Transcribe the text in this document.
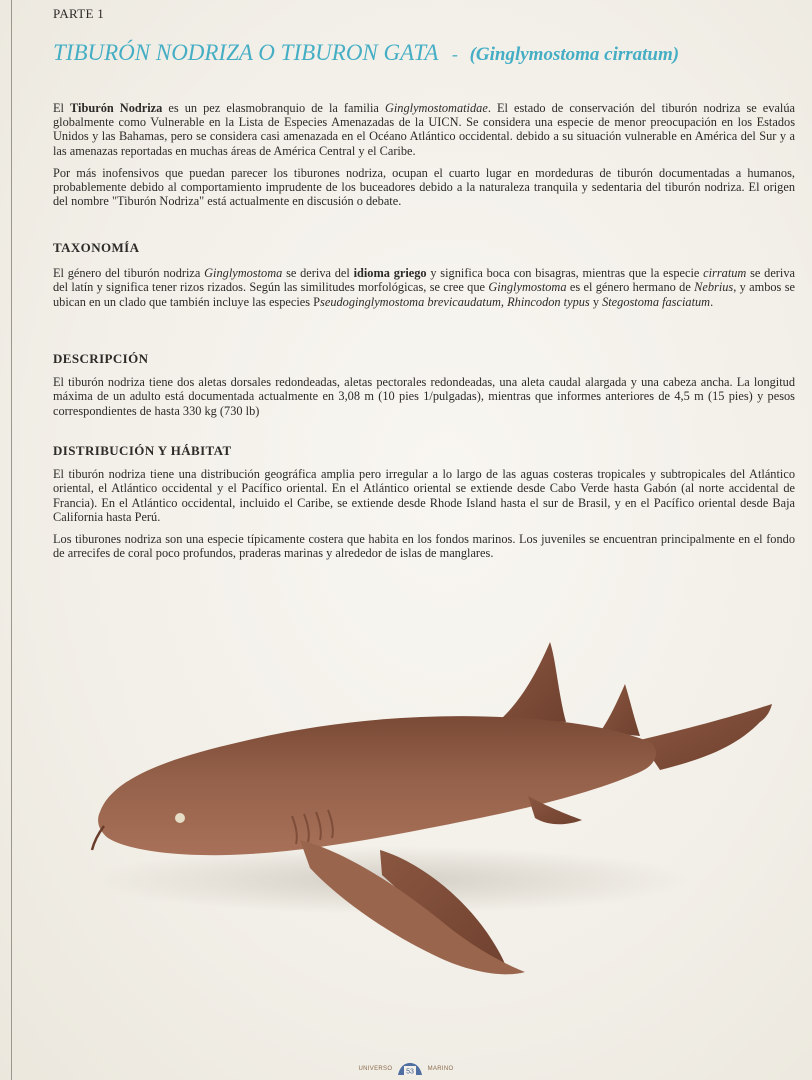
PARTE 1
TIBURÓN NODRIZA O TIBURON GATA - (Ginglymostoma cirratum)

El Tiburón Nodriza es un pez elasmobranquio de la familia Ginglymostomatidae. El estado de conservación del tiburón nodriza se evalúa globalmente como Vulnerable en la Lista de Especies Amenazadas de la UICN. Se considera una especie de menor preocupación en los Estados Unidos y las Bahamas, pero se considera casi amenazada en el Océano Atlántico occidental. debido a su situación vulnerable en América del Sur y a las amenazas reportadas en muchas áreas de América Central y el Caribe.

Por más inofensivos que puedan parecer los tiburones nodriza, ocupan el cuarto lugar en mordeduras de tiburón documentadas a humanos, probablemente debido al comportamiento imprudente de los buceadores debido a la naturaleza tranquila y sedentaria del tiburón nodriza. El origen del nombre "Tiburón Nodriza" está actualmente en discusión o debate.

TAXONOMÍA

El género del tiburón nodriza Ginglymostoma se deriva del idioma griego y significa boca con bisagras, mientras que la especie cirratum se deriva del latín y significa tener rizos rizados. Según las similitudes morfológicas, se cree que Ginglymostoma es el género hermano de Nebrius, y ambos se ubican en un clado que también incluye las especies Pseudoginglymostoma brevicaudatum, Rhincodon typus y Stegostoma fasciatum.

DESCRIPCIÓN

El tiburón nodriza tiene dos aletas dorsales redondeadas, aletas pectorales redondeadas, una aleta caudal alargada y una cabeza ancha. La longitud máxima de un adulto está documentada actualmente en 3,08 m (10 pies 1/pulgadas), mientras que informes anteriores de 4,5 m (15 pies) y pesos correspondientes de hasta 330 kg (730 lb)

DISTRIBUCIÓN Y HÁBITAT

El tiburón nodriza tiene una distribución geográfica amplia pero irregular a lo largo de las aguas costeras tropicales y subtropicales del Atlántico oriental, el Atlántico occidental y el Pacífico oriental. En el Atlántico oriental se extiende desde Cabo Verde hasta Gabón (al norte accidental de Francia). En el Atlántico occidental, incluido el Caribe, se extiende desde Rhode Island hasta el sur de Brasil, y en el Pacífico oriental desde Baja California hasta Perú.

Los tiburones nodriza son una especie típicamente costera que habita en los fondos marinos. Los juveniles se encuentran principalmente en el fondo de arrecifes de coral poco profundos, praderas marinas y alrededor de islas de manglares.

UNIVERSO 53 MARINO
